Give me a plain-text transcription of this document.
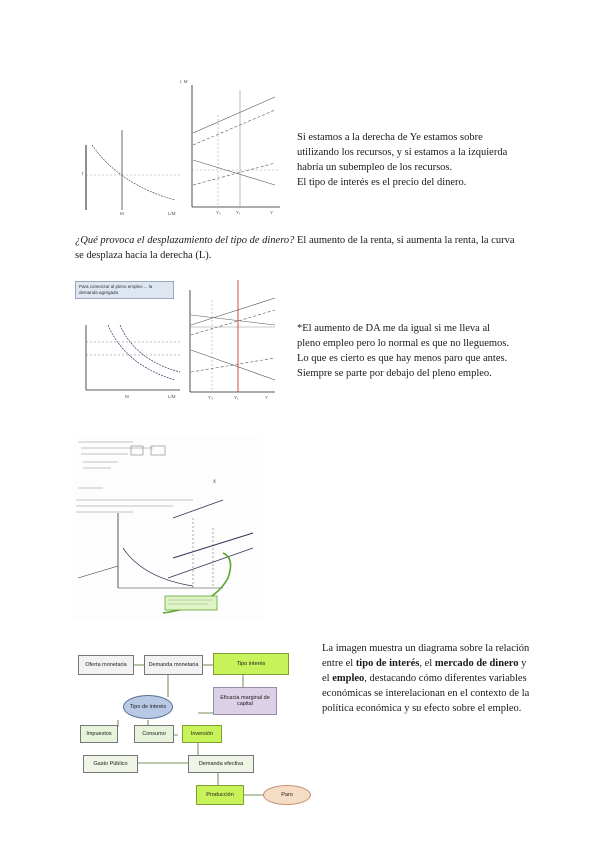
r
M	L/M
r, M
Y₀	Y₁	Y
Si estamos a la derecha de Ye estamos sobre
utilizando los recursos, y si estamos a la izquierda
habría un subempleo de los recursos.
El tipo de interés es el precio del dinero.
¿Qué provoca el desplazamiento del tipo de dinero? El aumento de la renta, si aumenta la renta, la curva se desplaza hacia la derecha (L).
Para comenzar al pleno empleo ... la demanda agregada
M	L/M	Y₀	Y₁	Y
*El aumento de DA me da igual si me lleva al
pleno empleo pero lo normal es que no lleguemos.
Lo que es cierto es que hay menos paro que antes.
Siempre se parte por debajo del pleno empleo.
x
Oferta monetaria	Demanda monetaria	Tipo interés
Eficacia marginal de capital
Tipo de interés
Impuestos	Consumo	Inversión
Gasto Público	Demanda efectiva
Producción	Paro
La imagen muestra un diagrama sobre la relación entre el tipo de interés, el mercado de dinero y el empleo, destacando cómo diferentes variables económicas se interelacionan en el contexto de la política económica y su efecto sobre el empleo.
